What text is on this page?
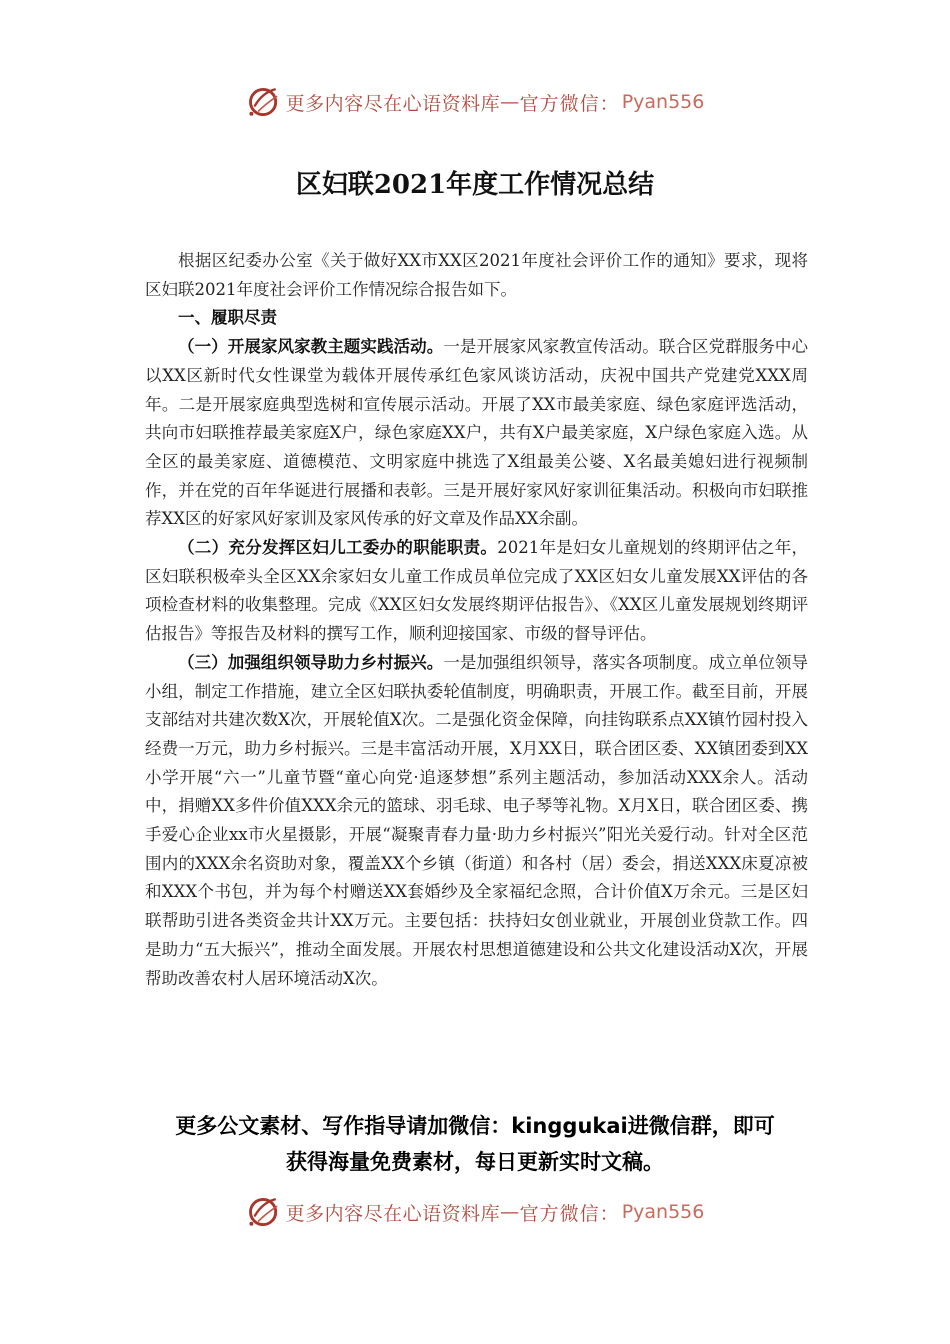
更多内容尽在心语资料库 — 官方微信： Pyan556
区妇联2021年度工作情况总结

根据区纪委办公室《关于做好XX市XX区2021年度社会评价工作的通知》要求，现将区妇联2021年度社会评价工作情况综合报告如下。

一、履职尽责

（一）开展家风家教主题实践活动。一是开展家风家教宣传活动。联合区党群服务中心以XX区新时代女性课堂为载体开展传承红色家风谈访活动，庆祝中国共产党建党XXX周年。二是开展家庭典型选树和宣传展示活动。开展了XX市最美家庭、绿色家庭评选活动，共向市妇联推荐最美家庭X户，绿色家庭XX户，共有X户最美家庭，X户绿色家庭入选。从全区的最美家庭、道德模范、文明家庭中挑选了X组最美公婆、X名最美媳妇进行视频制作，并在党的百年华诞进行展播和表彰。三是开展好家风好家训征集活动。积极向市妇联推荐XX区的好家风好家训及家风传承的好文章及作品XX余副。

（二）充分发挥区妇儿工委办的职能职责。2021年是妇女儿童规划的终期评估之年，区妇联积极牵头全区XX余家妇女儿童工作成员单位完成了XX区妇女儿童发展XX评估的各项检查材料的收集整理。完成《XX区妇女发展终期评估报告》、《XX区儿童发展规划终期评估报告》等报告及材料的撰写工作，顺利迎接国家、市级的督导评估。

（三）加强组织领导助力乡村振兴。一是加强组织领导，落实各项制度。成立单位领导小组，制定工作措施，建立全区妇联执委轮值制度，明确职责，开展工作。截至目前，开展支部结对共建次数X次，开展轮值X次。二是强化资金保障，向挂钩联系点XX镇竹园村投入经费一万元，助力乡村振兴。三是丰富活动开展，X月XX日，联合团区委、XX镇团委到XX小学开展“六一”儿童节暨“童心向党·追逐梦想”系列主题活动，参加活动XXX余人。活动中，捐赠XX多件价值XXX余元的篮球、羽毛球、电子琴等礼物。X月X日，联合团区委、携手爱心企业xx市火星摄影，开展“凝聚青春力量·助力乡村振兴”阳光关爱行动。针对全区范围内的XXX余名资助对象，覆盖XX个乡镇（街道）和各村（居）委会，捐送XXX床夏凉被和XXX个书包，并为每个村赠送XX套婚纱及全家福纪念照，合计价值X万余元。三是区妇联帮助引进各类资金共计XX万元。主要包括：扶持妇女创业就业，开展创业贷款工作。四是助力“五大振兴”，推动全面发展。开展农村思想道德建设和公共文化建设活动X次，开展帮助改善农村人居环境活动X次。

更多公文素材、写作指导请加微信：kinggukai进微信群，即可
获得海量免费素材，每日更新实时文稿。
更多内容尽在心语资料库 — 官方微信： Pyan556
